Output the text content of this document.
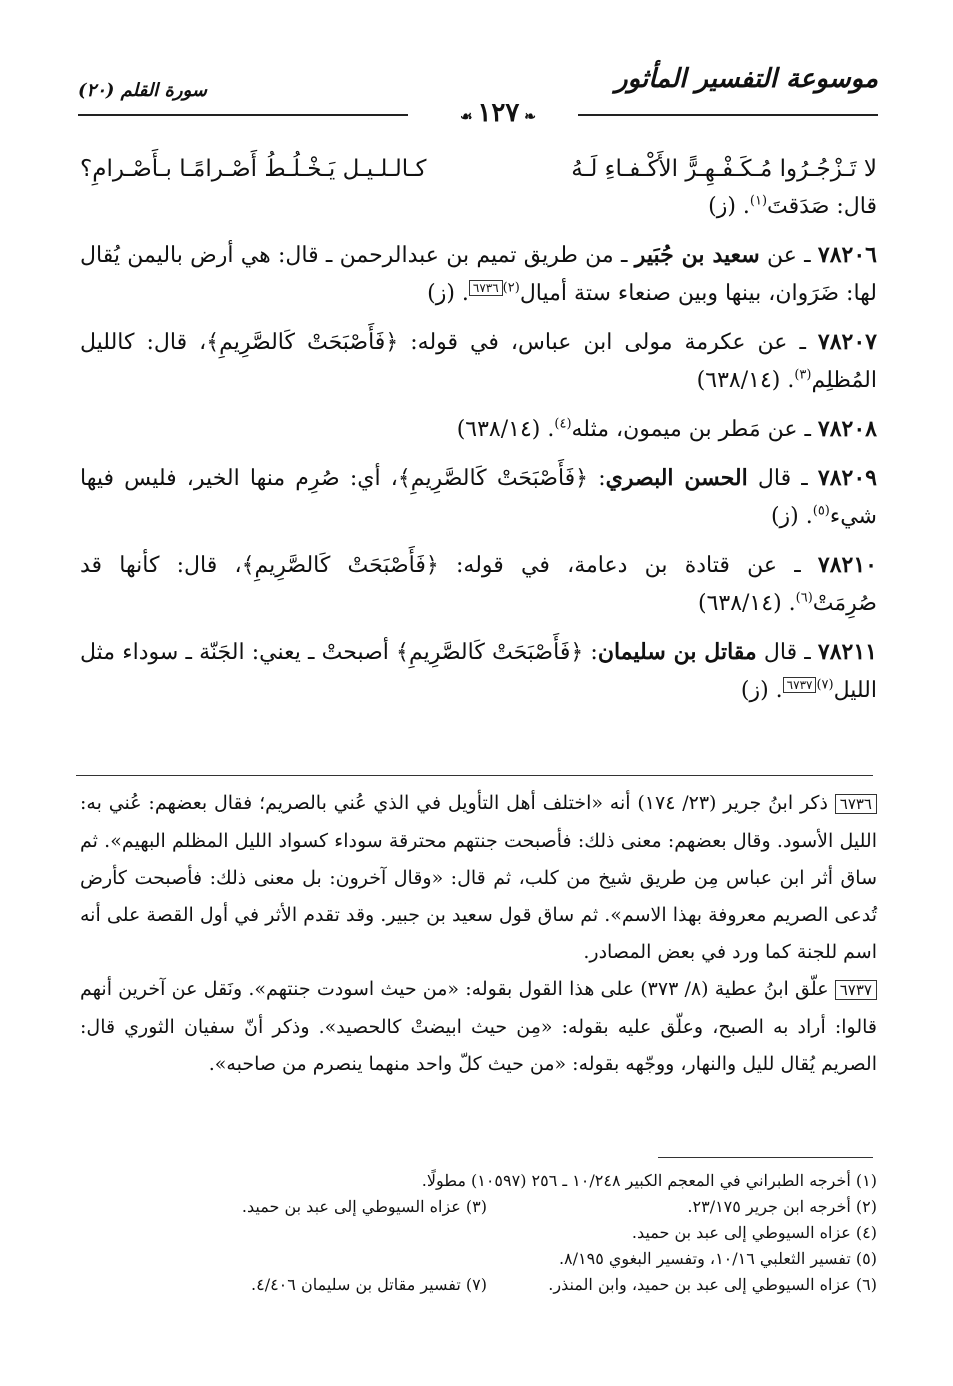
موسوعة التفسير المأثور
سورة القلم (٢٠)
❧ ١٢٧ ☙
لا تَـزْجُـرُوا مُـكَـفْـهِـرًّ الأَكْـفـاءِ لَـهُ
كـالـلـيـل يَـخْـلُـطُ أَصْـرامًـا بـأَصْـرامِ؟

قال: صَدَقتَ$^{(١)}$. (ز)

٧٨٢٠٦ ـ عن سعيد بن جُبَير ـ من طريق تميم بن عبدالرحمن ـ قال: هي أرض باليمن يُقال لها: ضَرَوان، بينها وبين صنعاء ستة أميال$^{(٢)٦٧٣٦}$. (ز)

٧٨٢٠٧ ـ عن عكرمة مولى ابن عباس، في قوله: ﴿فَأَصْبَحَتْ كَالصَّرِيمِ﴾، قال: كالليل المُظلِم$^{(٣)}$. (٦٣٨/١٤)

٧٨٢٠٨ ـ عن مَطر بن ميمون، مثله$^{(٤)}$. (٦٣٨/١٤)

٧٨٢٠٩ ـ قال الحسن البصري: ﴿فَأَصْبَحَتْ كَالصَّرِيمِ﴾، أي: صُرِم منها الخير، فليس فيها شيء$^{(٥)}$. (ز)

٧٨٢١٠ ـ عن قتادة بن دعامة، في قوله: ﴿فَأَصْبَحَتْ كَالصَّرِيمِ﴾، قال: كأنها قد صُرِمَتْ$^{(٦)}$. (٦٣٨/١٤)

٧٨٢١١ ـ قال مقاتل بن سليمان: ﴿فَأَصْبَحَتْ كَالصَّرِيمِ﴾ أصبحتْ ـ يعني: الجَنّة ـ سوداء مثل الليل$^{(٧)٦٧٣٧}$. (ز)

٦٧٣٦ ذكر ابنُ جرير (٢٣/ ١٧٤) أنه «اختلف أهل التأويل في الذي عُني بالصريم؛ فقال بعضهم: عُني به: الليل الأسود. وقال بعضهم: معنى ذلك: فأصبحت جنتهم محترقة سوداء كسواد الليل المظلم البهيم». ثم ساق أثر ابن عباس مِن طريق شيخ من كلب، ثم قال: «وقال آخرون: بل معنى ذلك: فأصبحت كأرض تُدعى الصريم معروفة بهذا الاسم». ثم ساق قول سعيد بن جبير. وقد تقدم الأثر في أول القصة على أنه اسم للجنة كما ورد في بعض المصادر.
٦٧٣٧ علّق ابنُ عطية (٨/ ٣٧٣) على هذا القول بقوله: «من حيث اسودت جنتهم». ونَقل عن آخرين أنهم قالوا: أراد به الصبح، وعلّق عليه بقوله: «مِن حيث ابيضتْ كالحصيد». وذكر أنّ سفيان الثوري قال: الصريم يُقال لليل والنهار، ووجّهه بقوله: «من حيث كلّ واحد منهما ينصرم من صاحبه».
(١) أخرجه الطبراني في المعجم الكبير ١٠/٢٤٨ ـ ٢٥٦ (١٠٥٩٧) مطولًا.
(٢) أخرجه ابن جرير ٢٣/١٧٥.
(٣) عزاه السيوطي إلى عبد بن حميد.
(٤) عزاه السيوطي إلى عبد بن حميد.
(٥) تفسير الثعلبي ١٠/١٦، وتفسير البغوي ٨/١٩٥.
(٦) عزاه السيوطي إلى عبد بن حميد، وابن المنذر.
(٧) تفسير مقاتل بن سليمان ٤/٤٠٦.
